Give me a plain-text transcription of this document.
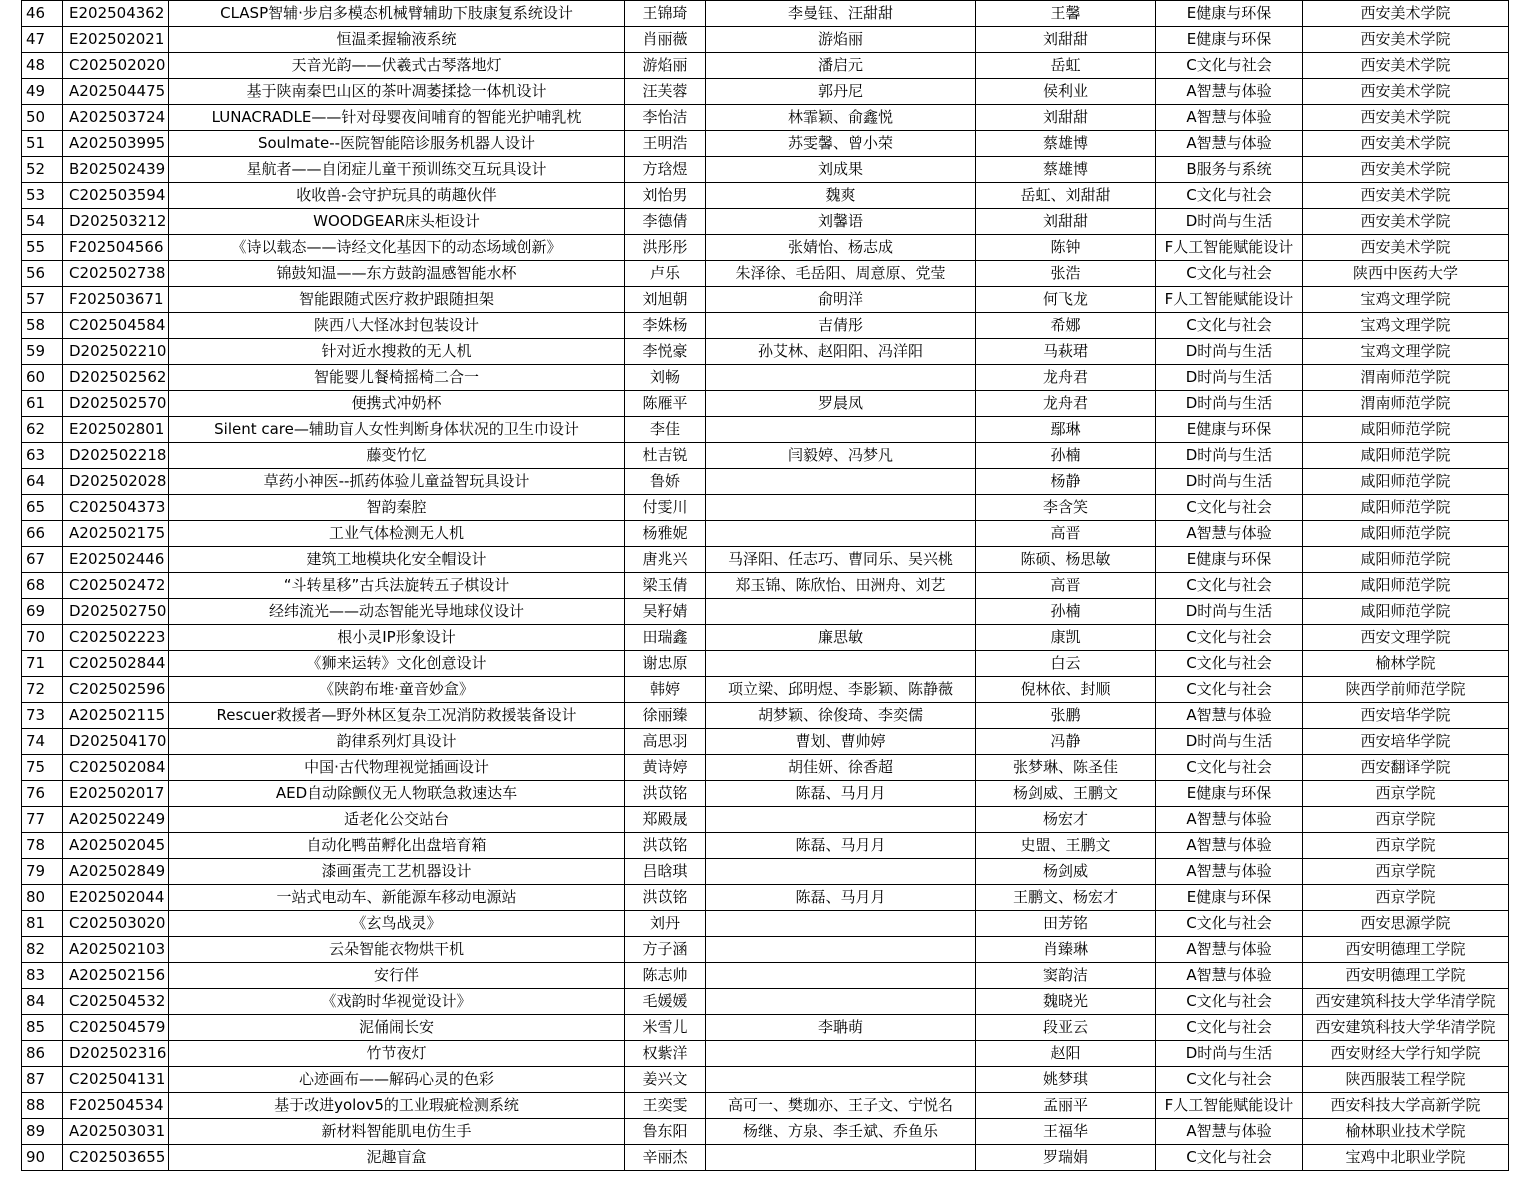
46	E202504362	CLASP智辅·步启多模态机械臂辅助下肢康复系统设计	王锦琦	李曼钰、汪甜甜	王馨	E健康与环保	西安美术学院
47	E202502021	恒温柔握输液系统	肖丽薇	游焰丽	刘甜甜	E健康与环保	西安美术学院
48	C202502020	天音光韵——伏羲式古琴落地灯	游焰丽	潘启元	岳虹	C文化与社会	西安美术学院
49	A202504475	基于陕南秦巴山区的茶叶凋萎揉捻一体机设计	汪芙蓉	郭丹尼	侯利业	A智慧与体验	西安美术学院
50	A202503724	LUNACRADLE——针对母婴夜间哺育的智能光护哺乳枕	李怡洁	林霏颖、俞鑫悦	刘甜甜	A智慧与体验	西安美术学院
51	A202503995	Soulmate--医院智能陪诊服务机器人设计	王明浩	苏雯馨、曾小荣	蔡雄博	A智慧与体验	西安美术学院
52	B202502439	星航者——自闭症儿童干预训练交互玩具设计	方琀煜	刘成果	蔡雄博	B服务与系统	西安美术学院
53	C202503594	收收兽-会守护玩具的萌趣伙伴	刘怡男	魏爽	岳虹、刘甜甜	C文化与社会	西安美术学院
54	D202503212	WOODGEAR床头柜设计	李德倩	刘馨语	刘甜甜	D时尚与生活	西安美术学院
55	F202504566	《诗以载态——诗经文化基因下的动态场域创新》	洪彤彤	张婧怡、杨志成	陈钟	F人工智能赋能设计	西安美术学院
56	C202502738	锦鼓知温——东方鼓韵温感智能水杯	卢乐	朱泽徐、毛岳阳、周意原、党莹	张浩	C文化与社会	陕西中医药大学
57	F202503671	智能跟随式医疗救护跟随担架	刘旭朝	俞明洋	何飞龙	F人工智能赋能设计	宝鸡文理学院
58	C202504584	陕西八大怪冰封包装设计	李姝杨	吉倩彤	希娜	C文化与社会	宝鸡文理学院
59	D202502210	针对近水搜救的无人机	李悦豪	孙艾林、赵阳阳、冯洋阳	马萩珺	D时尚与生活	宝鸡文理学院
60	D202502562	智能婴儿餐椅摇椅二合一	刘畅		龙舟君	D时尚与生活	渭南师范学院
61	D202502570	便携式冲奶杯	陈雁平	罗晨凤	龙舟君	D时尚与生活	渭南师范学院
62	E202502801	Silent care—辅助盲人女性判断身体状况的卫生巾设计	李佳		鄢琳	E健康与环保	咸阳师范学院
63	D202502218	藤变竹忆	杜吉锐	闫毅婷、冯梦凡	孙楠	D时尚与生活	咸阳师范学院
64	D202502028	草药小神医--抓药体验儿童益智玩具设计	鲁娇		杨静	D时尚与生活	咸阳师范学院
65	C202504373	智韵秦腔	付雯川		李含笑	C文化与社会	咸阳师范学院
66	A202502175	工业气体检测无人机	杨雅妮		高晋	A智慧与体验	咸阳师范学院
67	E202502446	建筑工地模块化安全帽设计	唐兆兴	马泽阳、任志巧、曹同乐、吴兴桃	陈硕、杨思敏	E健康与环保	咸阳师范学院
68	C202502472	“斗转星移”古兵法旋转五子棋设计	梁玉倩	郑玉锦、陈欣怡、田洲舟、刘艺	高晋	C文化与社会	咸阳师范学院
69	D202502750	经纬流光——动态智能光导地球仪设计	吴籽婧		孙楠	D时尚与生活	咸阳师范学院
70	C202502223	根小灵IP形象设计	田瑞鑫	廉思敏	康凯	C文化与社会	西安文理学院
71	C202502844	《狮来运转》文化创意设计	谢忠原		白云	C文化与社会	榆林学院
72	C202502596	《陕韵布堆·童音妙盒》	韩婷	项立梁、邱明煜、李影颖、陈静薇	倪林依、封顺	C文化与社会	陕西学前师范学院
73	A202502115	Rescuer救援者—野外林区复杂工况消防救援装备设计	徐丽臻	胡梦颖、徐俊琦、李奕儒	张鹏	A智慧与体验	西安培华学院
74	D202504170	韵律系列灯具设计	高思羽	曹划、曹帅婷	冯静	D时尚与生活	西安培华学院
75	C202502084	中国·古代物理视觉插画设计	黄诗婷	胡佳妍、徐香超	张梦琳、陈圣佳	C文化与社会	西安翻译学院
76	E202502017	AED自动除颤仪无人物联急救速达车	洪苡铭	陈磊、马月月	杨剑威、王鹏文	E健康与环保	西京学院
77	A202502249	适老化公交站台	郑殿晟		杨宏才	A智慧与体验	西京学院
78	A202502045	自动化鸭苗孵化出盘培育箱	洪苡铭	陈磊、马月月	史盟、王鹏文	A智慧与体验	西京学院
79	A202502849	漆画蛋壳工艺机器设计	吕晗琪		杨剑威	A智慧与体验	西京学院
80	E202502044	一站式电动车、新能源车移动电源站	洪苡铭	陈磊、马月月	王鹏文、杨宏才	E健康与环保	西京学院
81	C202503020	《玄鸟战灵》	刘丹		田芳铭	C文化与社会	西安思源学院
82	A202502103	云朵智能衣物烘干机	方子涵		肖臻琳	A智慧与体验	西安明德理工学院
83	A202502156	安行伴	陈志帅		窦韵洁	A智慧与体验	西安明德理工学院
84	C202504532	《戏韵时华视觉设计》	毛媛媛		魏晓光	C文化与社会	西安建筑科技大学华清学院
85	C202504579	泥俑闹长安	米雪儿	李聃萌	段亚云	C文化与社会	西安建筑科技大学华清学院
86	D202502316	竹节夜灯	权紫洋		赵阳	D时尚与生活	西安财经大学行知学院
87	C202504131	心迹画布——解码心灵的色彩	姜兴文		姚梦琪	C文化与社会	陕西服装工程学院
88	F202504534	基于改进yolov5的工业瑕疵检测系统	王奕雯	高可一、樊珈亦、王子文、宁悦名	孟丽平	F人工智能赋能设计	西安科技大学高新学院
89	A202503031	新材料智能肌电仿生手	鲁东阳	杨继、方泉、李壬斌、乔鱼乐	王福华	A智慧与体验	榆林职业技术学院
90	C202503655	泥趣盲盒	辛丽杰		罗瑞娟	C文化与社会	宝鸡中北职业学院
